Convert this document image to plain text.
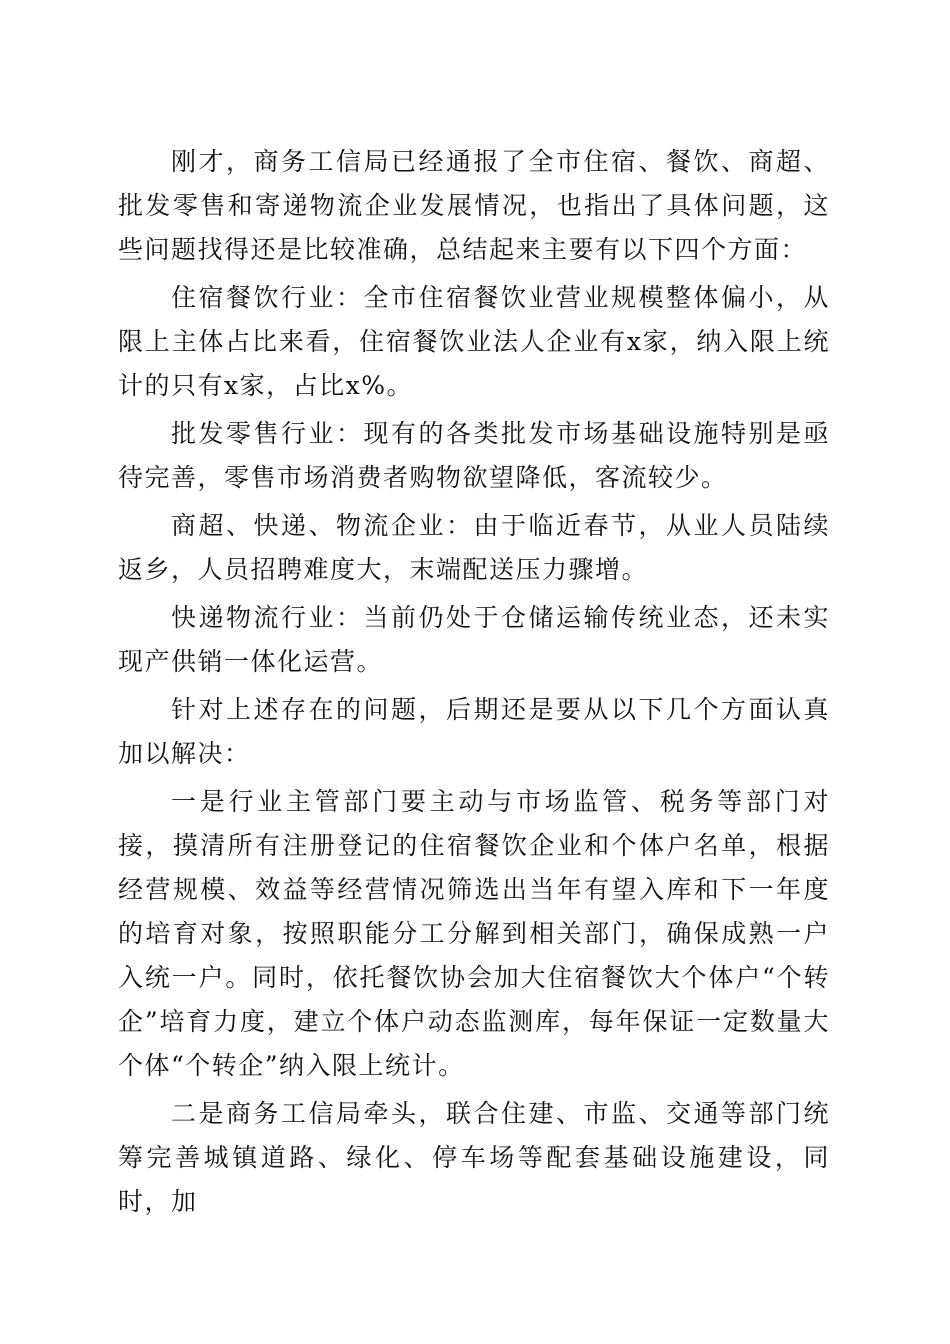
刚才，商务工信局已经通报了全市住宿、餐饮、商超、批发零售和寄递物流企业发展情况，也指出了具体问题，这些问题找得还是比较准确，总结起来主要有以下四个方面：

住宿餐饮行业：全市住宿餐饮业营业规模整体偏小，从限上主体占比来看，住宿餐饮业法人企业有x家，纳入限上统计的只有x家，占比x%。

批发零售行业：现有的各类批发市场基础设施特别是亟待完善，零售市场消费者购物欲望降低，客流较少。

商超、快递、物流企业：由于临近春节，从业人员陆续返乡，人员招聘难度大，末端配送压力骤增。

快递物流行业：当前仍处于仓储运输传统业态，还未实现产供销一体化运营。

针对上述存在的问题，后期还是要从以下几个方面认真加以解决：

一是行业主管部门要主动与市场监管、税务等部门对接，摸清所有注册登记的住宿餐饮企业和个体户名单，根据经营规模、效益等经营情况筛选出当年有望入库和下一年度的培育对象，按照职能分工分解到相关部门，确保成熟一户入统一户。同时，依托餐饮协会加大住宿餐饮大个体户“个转企”培育力度，建立个体户动态监测库，每年保证一定数量大个体“个转企”纳入限上统计。

二是商务工信局牵头，联合住建、市监、交通等部门统筹完善城镇道路、绿化、停车场等配套基础设施建设，同时，加
